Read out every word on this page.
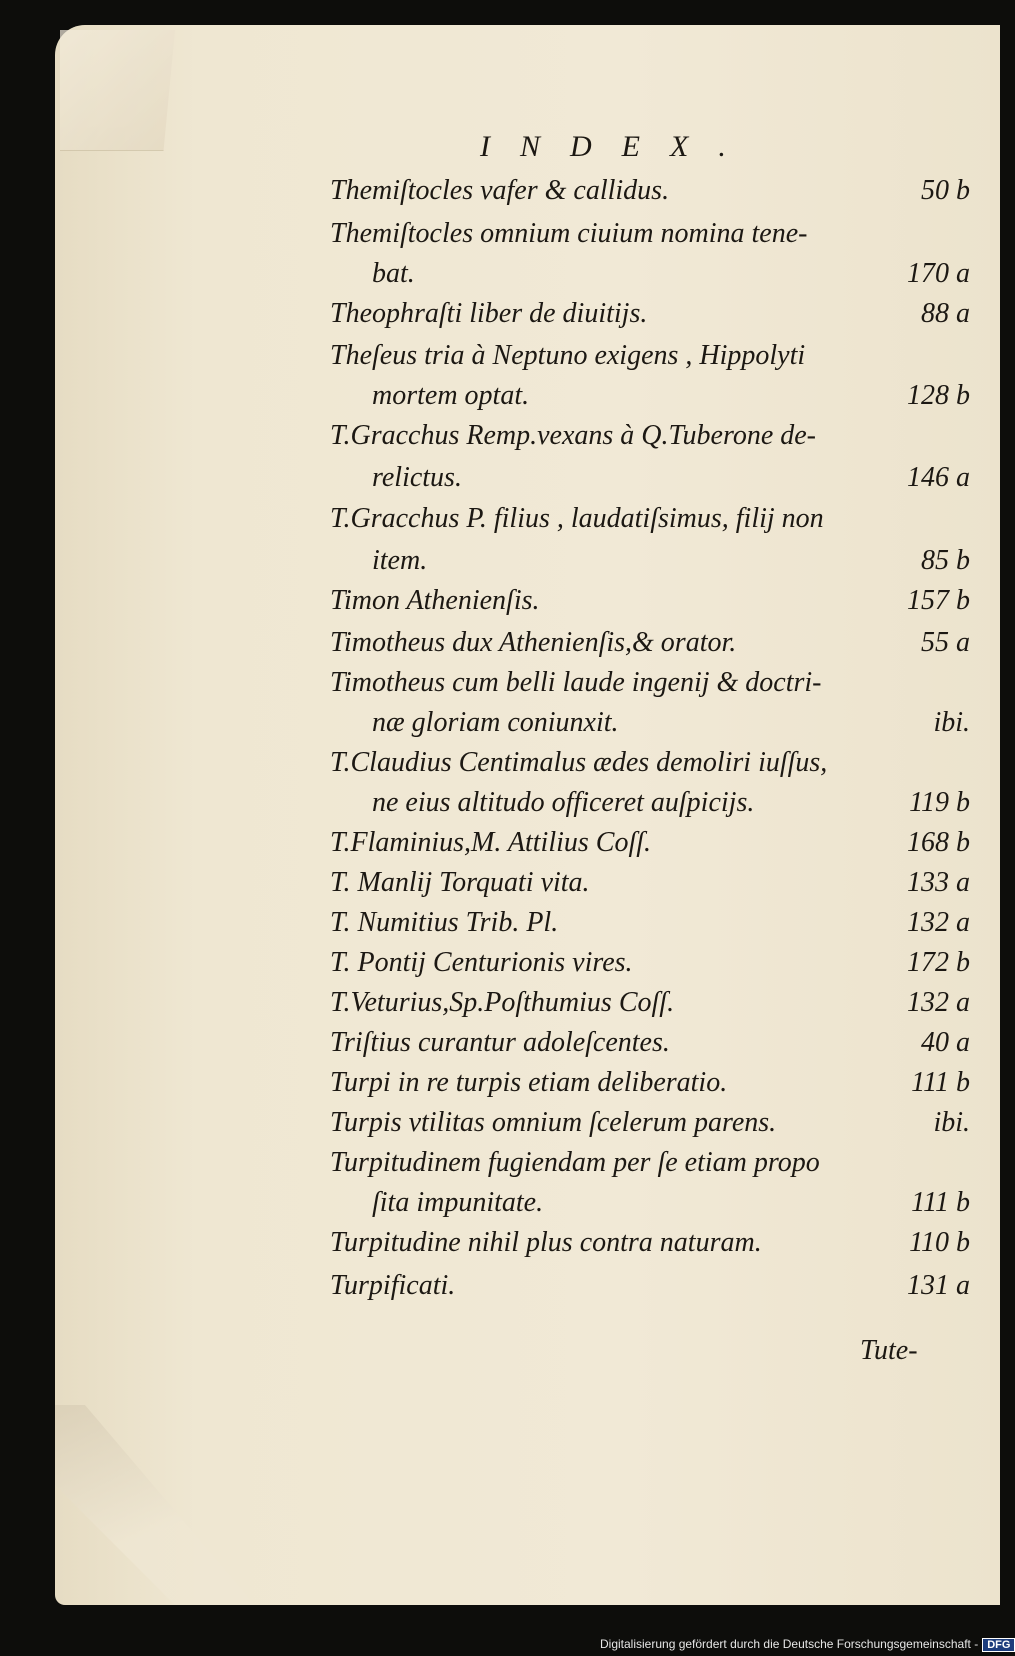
INDEX.
Themiſtocles vafer & callidus.	50 b
Themiſtocles omnium ciuium nomina tene-
bat.	170 a
Theophraſti liber de diuitijs.	88 a
Theſeus tria à Neptuno exigens , Hippolyti
mortem optat.	128 b
T.Gracchus Remp.vexans à Q.Tuberone de-
relictus.	146 a
T.Gracchus P. filius , laudatiſsimus, filij non
item.	85 b
Timon Athenienſis.	157 b
Timotheus dux Athenienſis,& orator.	55 a
Timotheus cum belli laude ingenij & doctri-
næ gloriam coniunxit.	ibi.
T.Claudius Centimalus ædes demoliri iuſſus,
ne eius altitudo officeret auſpicijs.	119 b
T.Flaminius,M. Attilius Coſſ.	168 b
T. Manlij Torquati vita.	133 a
T. Numitius Trib. Pl.	132 a
T. Pontij Centurionis vires.	172 b
T.Veturius,Sp.Poſthumius Coſſ.	132 a
Triſtius curantur adoleſcentes.	40 a
Turpi in re turpis etiam deliberatio.	111 b
Turpis vtilitas omnium ſcelerum parens.	ibi.
Turpitudinem fugiendam per ſe etiam propo
ſita impunitate.	111 b
Turpitudine nihil plus contra naturam.	110 b
Turpificati.	131 a
Tute-
Digitalisierung gefördert durch die Deutsche Forschungsgemeinschaft - DFG
